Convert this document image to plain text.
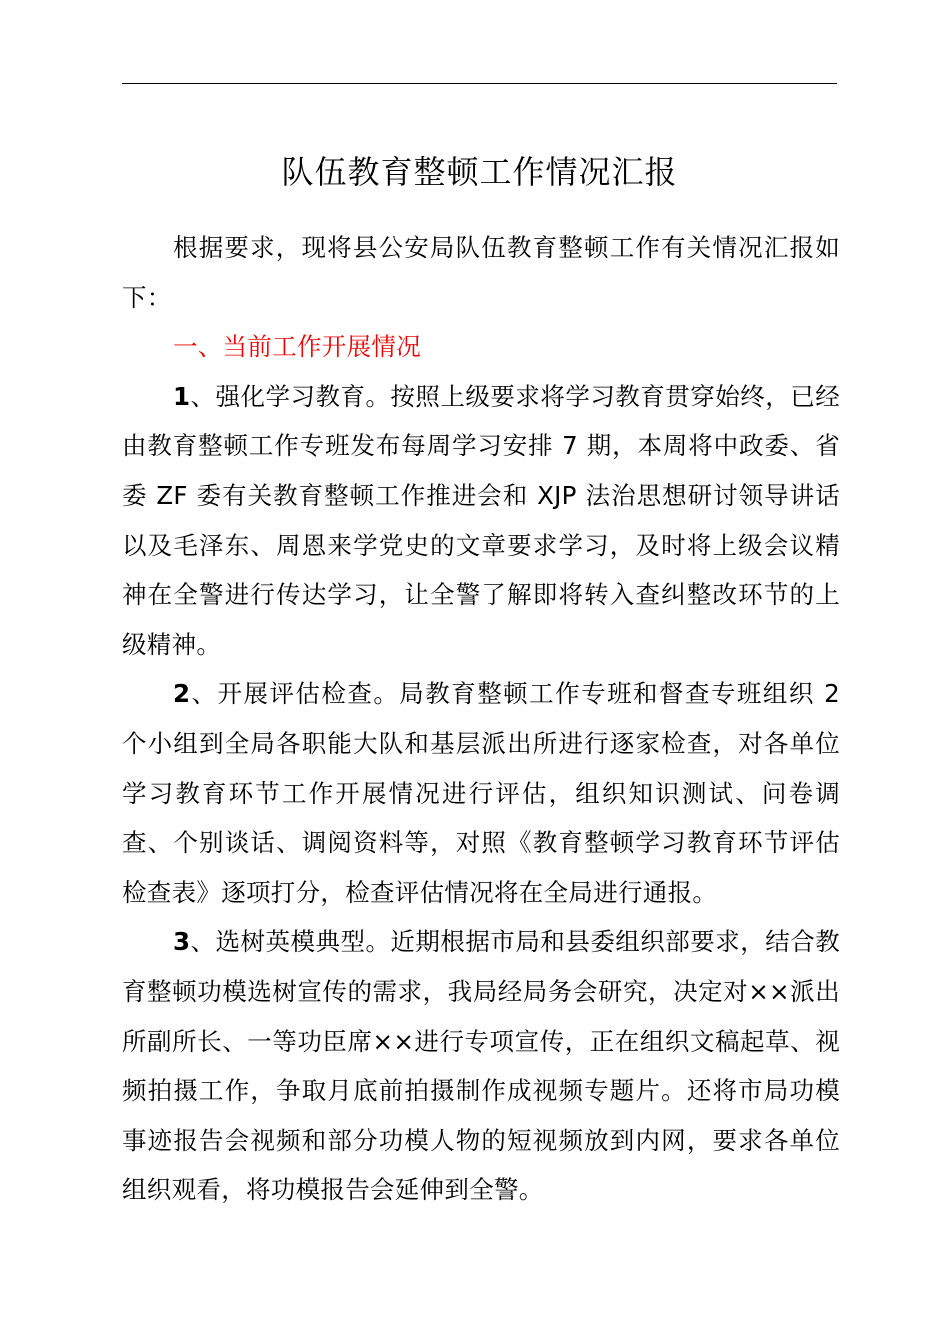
队伍教育整顿工作情况汇报

根据要求，现将县公安局队伍教育整顿工作有关情况汇报如下：

一、当前工作开展情况

1、强化学习教育。按照上级要求将学习教育贯穿始终，已经由教育整顿工作专班发布每周学习安排 7 期，本周将中政委、省委 ZF 委有关教育整顿工作推进会和 XJP 法治思想研讨领导讲话以及毛泽东、周恩来学党史的文章要求学习，及时将上级会议精神在全警进行传达学习，让全警了解即将转入查纠整改环节的上级精神。

2、开展评估检查。局教育整顿工作专班和督查专班组织 2 个小组到全局各职能大队和基层派出所进行逐家检查，对各单位学习教育环节工作开展情况进行评估，组织知识测试、问卷调查、个别谈话、调阅资料等，对照《教育整顿学习教育环节评估检查表》逐项打分，检查评估情况将在全局进行通报。

3、选树英模典型。近期根据市局和县委组织部要求，结合教育整顿功模选树宣传的需求，我局经局务会研究，决定对××派出所副所长、一等功臣席××进行专项宣传，正在组织文稿起草、视频拍摄工作，争取月底前拍摄制作成视频专题片。还将市局功模事迹报告会视频和部分功模人物的短视频放到内网，要求各单位组织观看，将功模报告会延伸到全警。
